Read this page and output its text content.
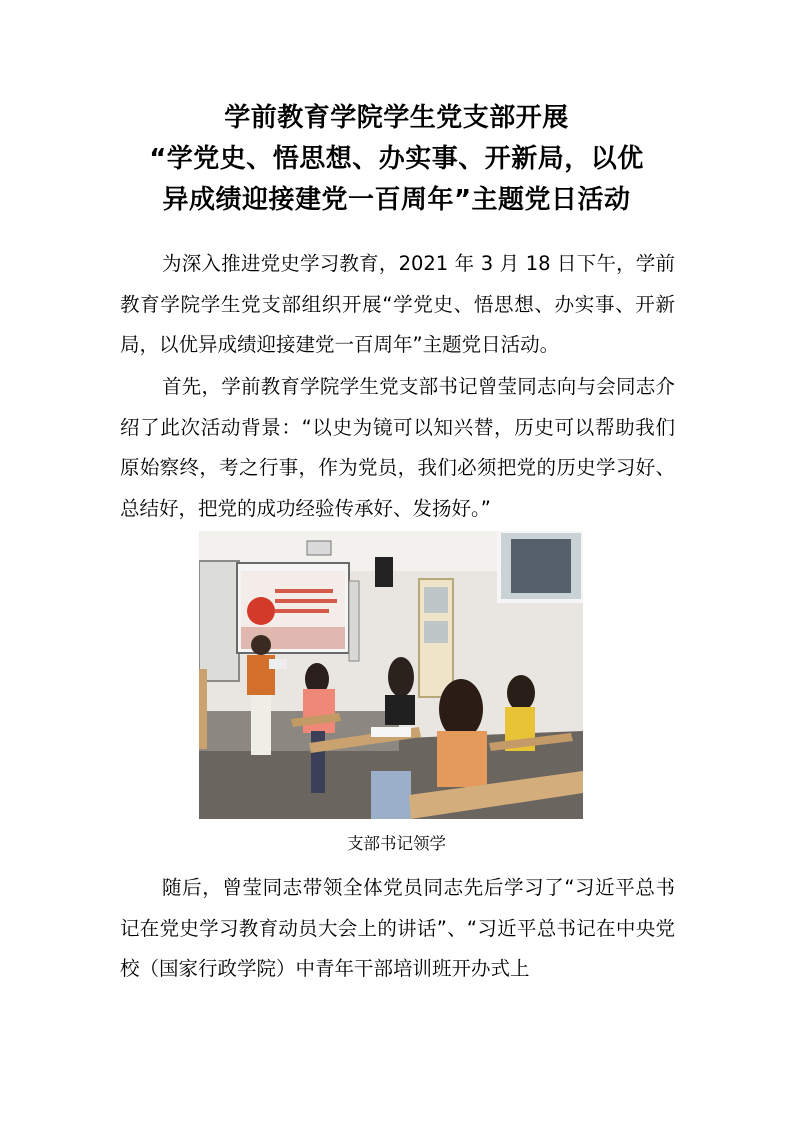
学前教育学院学生党支部开展
“学党史、悟思想、办实事、开新局，以优
异成绩迎接建党一百周年”主题党日活动
为深入推进党史学习教育，2021 年 3 月 18 日下午，学前教育学院学生党支部组织开展“学党史、悟思想、办实事、开新局，以优异成绩迎接建党一百周年”主题党日活动。
首先，学前教育学院学生党支部书记曾莹同志向与会同志介绍了此次活动背景：“以史为镜可以知兴替，历史可以帮助我们原始察终，考之行事，作为党员，我们必须把党的历史学习好、总结好，把党的成功经验传承好、发扬好。”
支部书记领学
随后，曾莹同志带领全体党员同志先后学习了“习近平总书记在党史学习教育动员大会上的讲话”、“习近平总书记在中央党校（国家行政学院）中青年干部培训班开办式上
